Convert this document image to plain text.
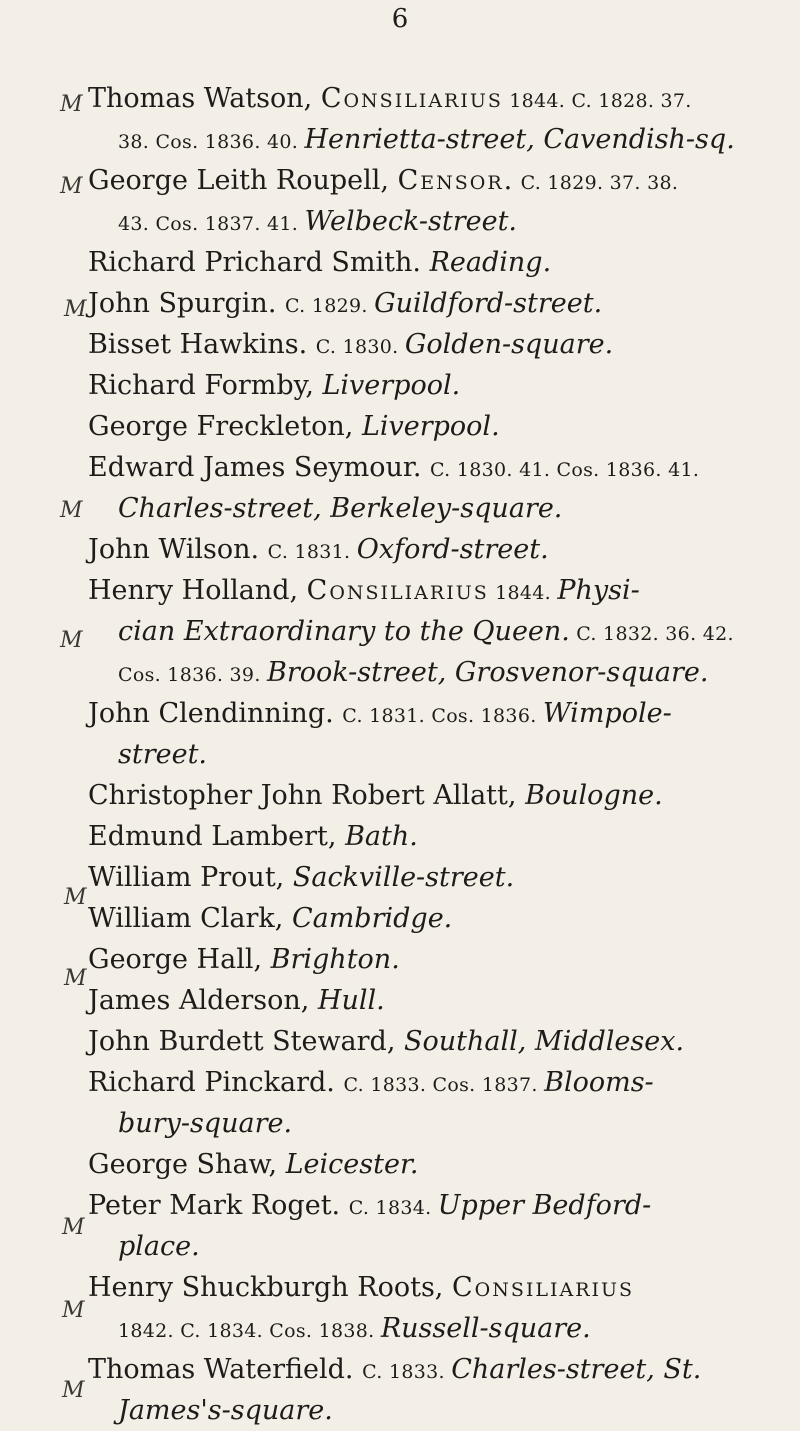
6
M
M
M
M
M
M
M
M
M
M
Thomas Watson, Consiliarius 1844. C. 1828. 37.
38. Cos. 1836. 40. Henrietta-street, Cavendish-sq.
George Leith Roupell, Censor. C. 1829. 37. 38.
43. Cos. 1837. 41. Welbeck-street.
Richard Prichard Smith. Reading.
John Spurgin. C. 1829. Guildford-street.
Bisset Hawkins. C. 1830. Golden-square.
Richard Formby, Liverpool.
George Freckleton, Liverpool.
Edward James Seymour. C. 1830. 41. Cos. 1836. 41.
Charles-street, Berkeley-square.
John Wilson. C. 1831. Oxford-street.
Henry Holland, Consiliarius 1844. Physi-
cian Extraordinary to the Queen. C. 1832. 36. 42.
Cos. 1836. 39. Brook-street, Grosvenor-square.
John Clendinning. C. 1831. Cos. 1836. Wimpole-
street.
Christopher John Robert Allatt, Boulogne.
Edmund Lambert, Bath.
William Prout, Sackville-street.
William Clark, Cambridge.
George Hall, Brighton.
James Alderson, Hull.
John Burdett Steward, Southall, Middlesex.
Richard Pinckard. C. 1833. Cos. 1837. Blooms-
bury-square.
George Shaw, Leicester.
Peter Mark Roget. C. 1834. Upper Bedford-
place.
Henry Shuckburgh Roots, Consiliarius
1842. C. 1834. Cos. 1838. Russell-square.
Thomas Waterfield. C. 1833. Charles-street, St.
James's-square.
